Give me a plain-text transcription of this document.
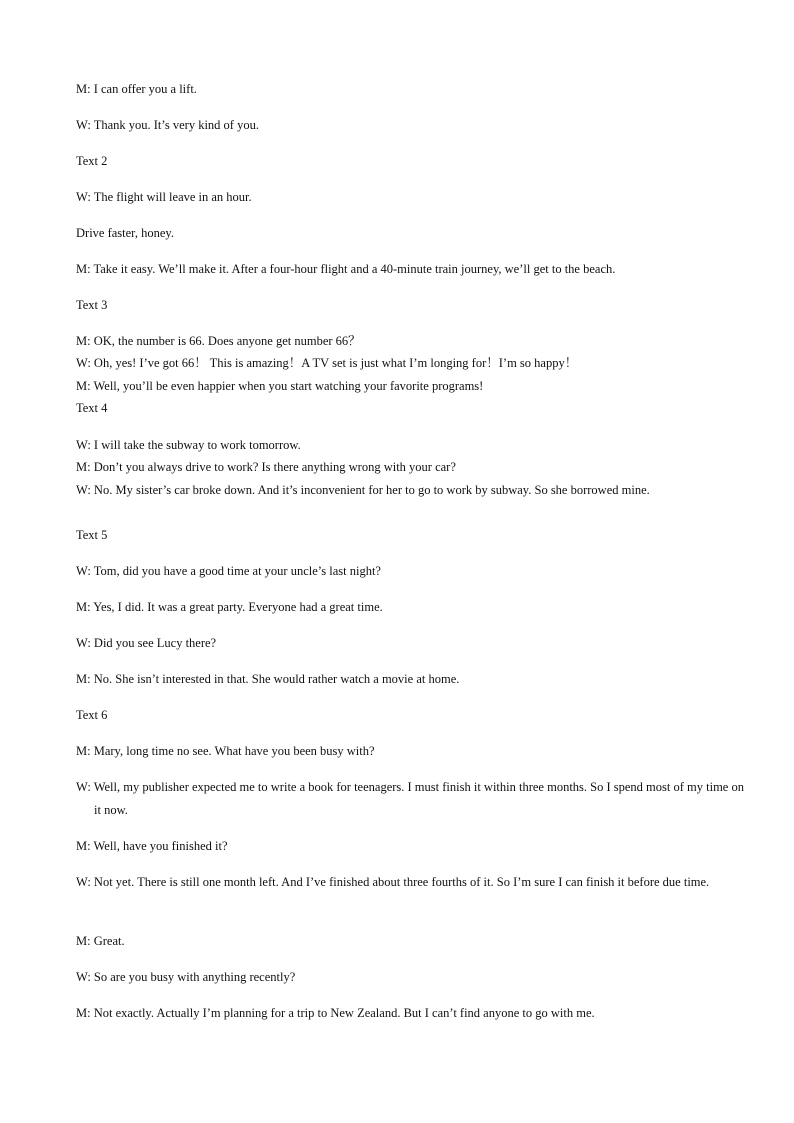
M: I can offer you a lift.
W: Thank you. It’s very kind of you.
Text 2
W: The flight will leave in an hour.
Drive faster, honey.
M: Take it easy. We’ll make it. After a four-hour flight and a 40-minute train journey, we’ll get to the beach.
Text 3
M: OK, the number is 66. Does anyone get number 66？
W: Oh, yes! I’ve got 66！ This is amazing！A TV set is just what I’m longing for！I’m so happy！
M: Well, you’ll be even happier when you start watching your favorite programs!
Text 4
W: I will take the subway to work tomorrow.
M: Don’t you always drive to work? Is there anything wrong with your car?
W: No. My sister’s car broke down. And it’s inconvenient for her to go to work by subway. So she borrowed mine.
Text 5
W: Tom, did you have a good time at your uncle’s last night?
M: Yes, I did. It was a great party. Everyone had a great time.
W: Did you see Lucy there?
M: No. She isn’t interested in that. She would rather watch a movie at home.
Text 6
M: Mary, long time no see. What have you been busy with?
W: Well, my publisher expected me to write a book for teenagers. I must finish it within three months. So I spend most of my time on it now.
M: Well, have you finished it?
W: Not yet. There is still one month left. And I’ve finished about three fourths of it. So I’m sure I can finish it before due time.
M: Great.
W: So are you busy with anything recently?
M: Not exactly. Actually I’m planning for a trip to New Zealand. But I can’t find anyone to go with me.
